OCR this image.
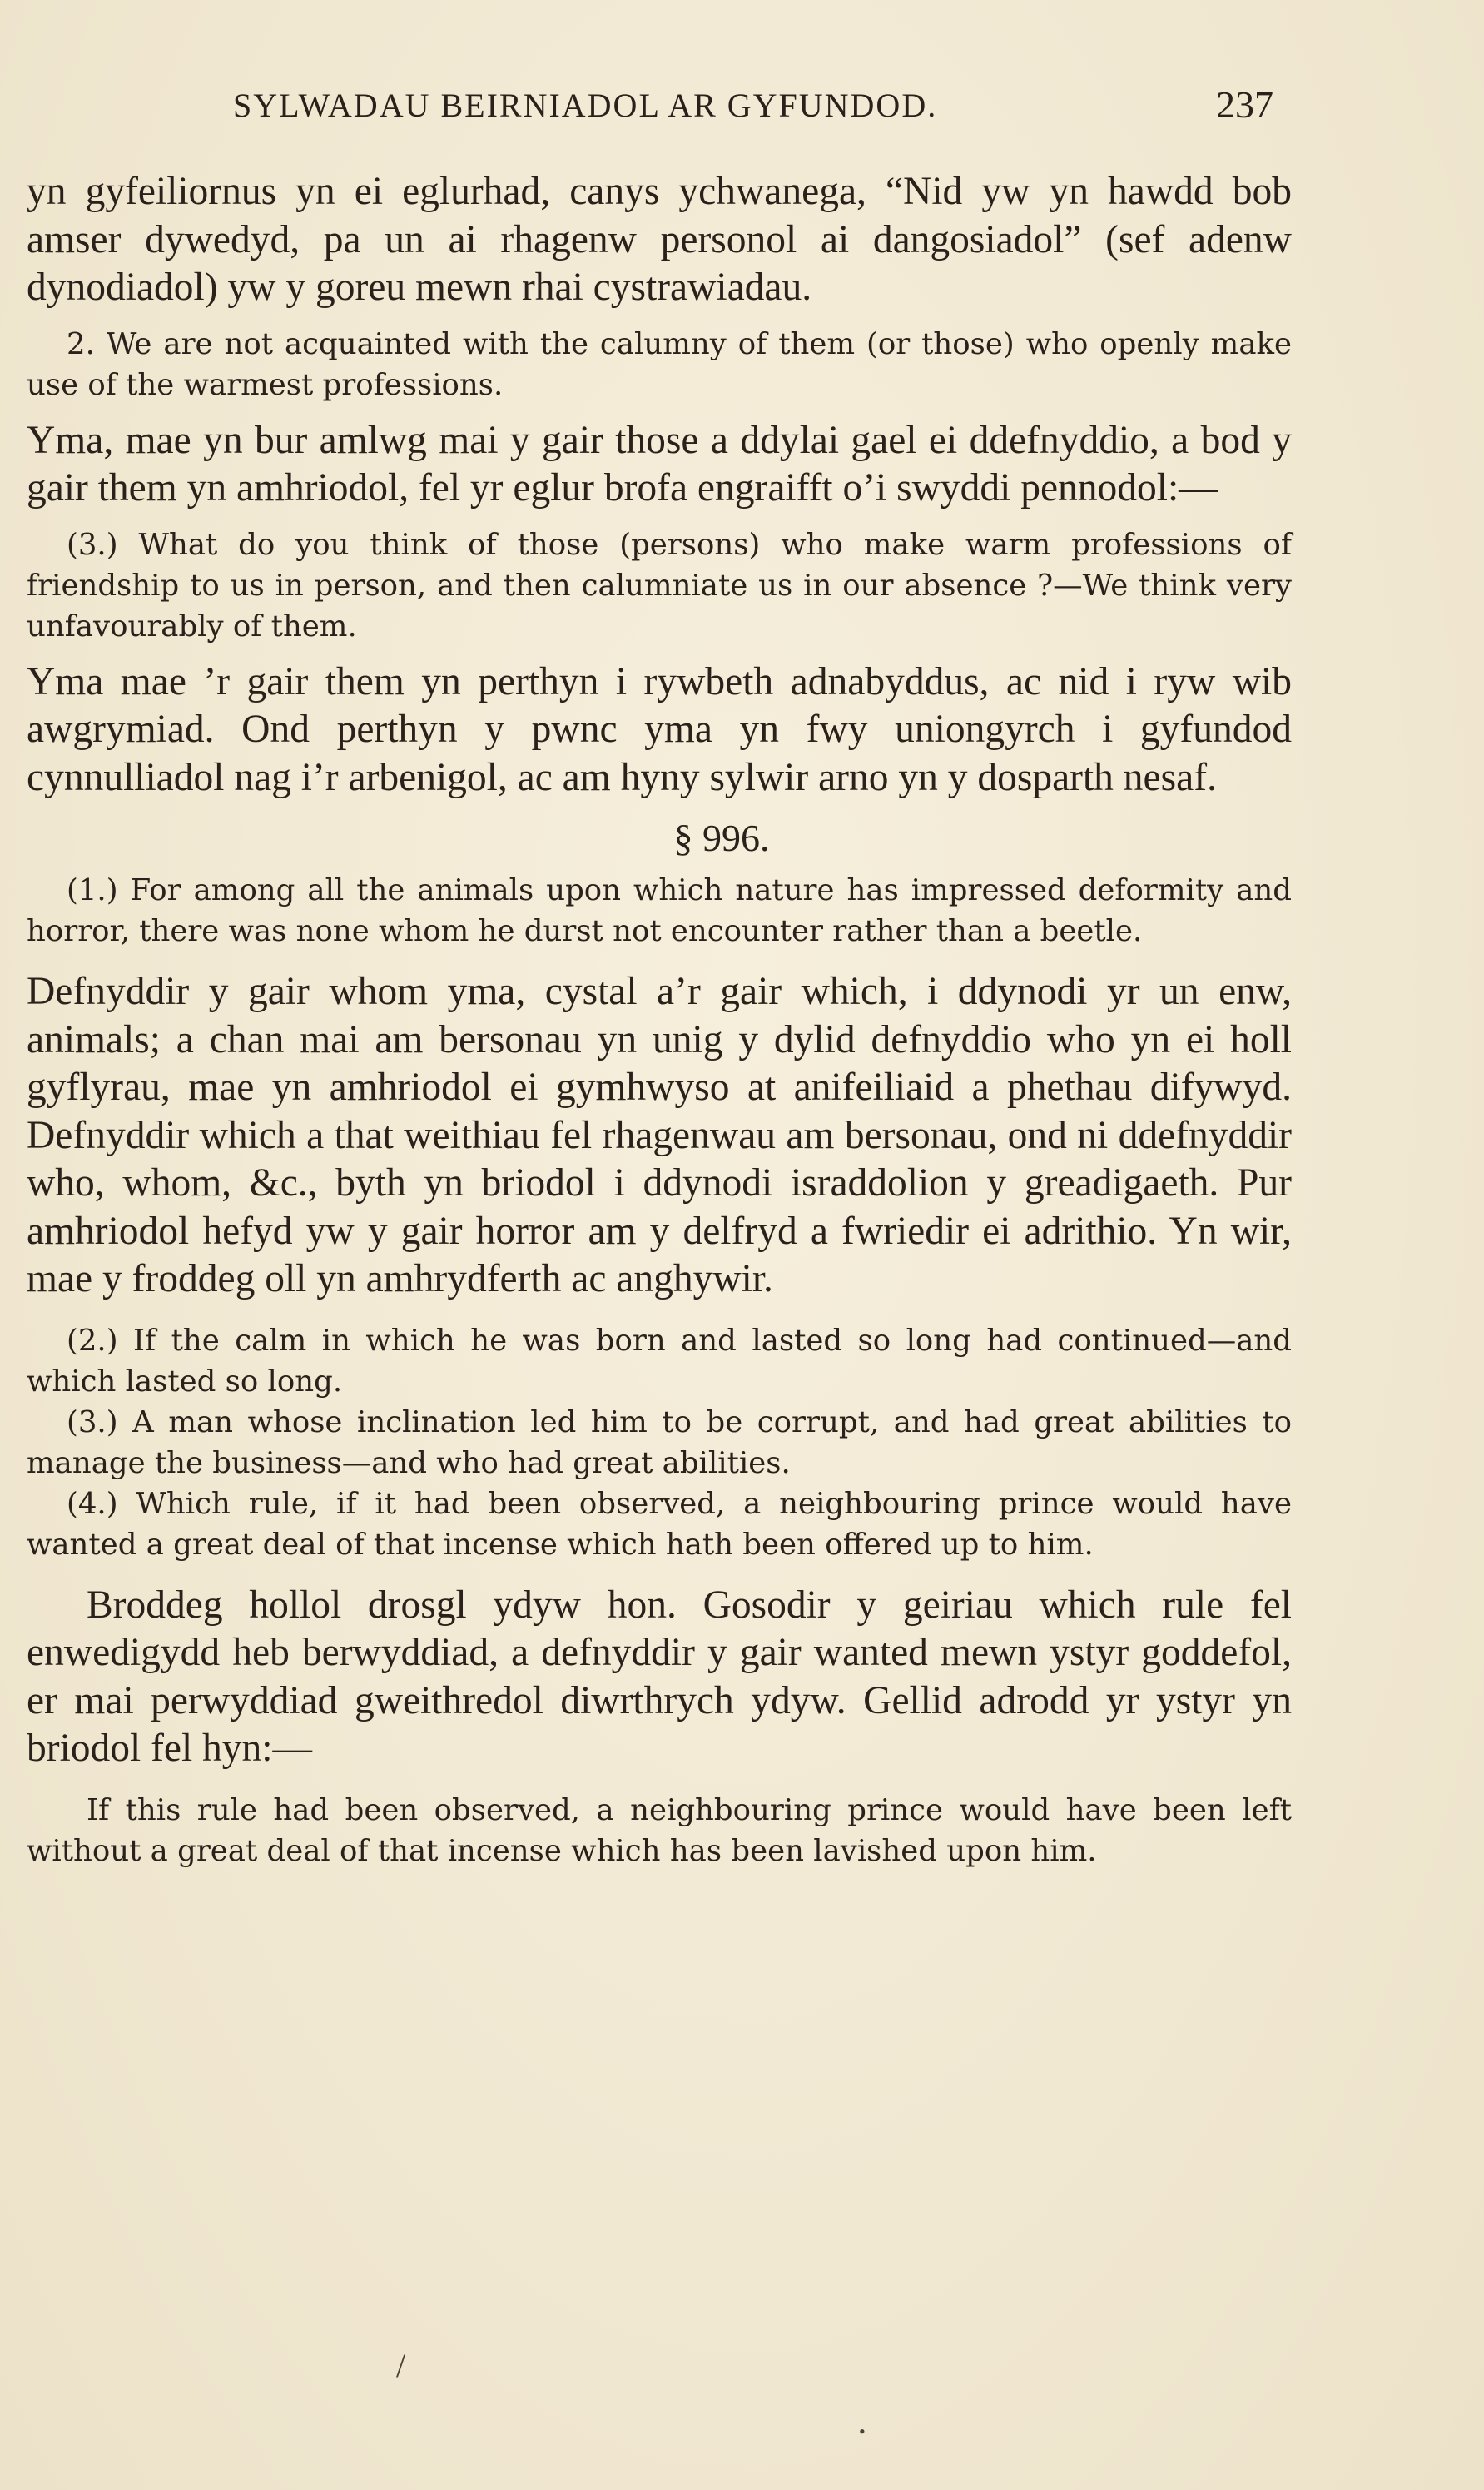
SYLWADAU BEIRNIADOL AR GYFUNDOD.	237

yn gyfeiliornus yn ei eglurhad, canys ychwanega, “Nid yw yn hawdd bob amser dywedyd, pa un ai rhagenw personol ai dangosiadol” (sef adenw dynodiadol) yw y goreu mewn rhai cystrawiadau.

2. We are not acquainted with the calumny of them (or those) who openly make use of the warmest professions.

Yma, mae yn bur amlwg mai y gair those a ddylai gael ei ddefnyddio, a bod y gair them yn amhriodol, fel yr eglur brofa engraifft o’i swyddi pennodol:—

(3.) What do you think of those (persons) who make warm professions of friendship to us in person, and then calumniate us in our absence ?—We think very unfavourably of them.

Yma mae ’r gair them yn perthyn i rywbeth adnabyddus, ac nid i ryw wib awgrymiad. Ond perthyn y pwnc yma yn fwy uniongyrch i gyfundod cynnulliadol nag i’r arbenigol, ac am hyny sylwir arno yn y dosparth nesaf.

§ 996.

(1.) For among all the animals upon which nature has impressed deformity and horror, there was none whom he durst not encounter rather than a beetle.

Defnyddir y gair whom yma, cystal a’r gair which, i ddynodi yr un enw, animals; a chan mai am bersonau yn unig y dylid defnyddio who yn ei holl gyflyrau, mae yn amhriodol ei gymhwyso at anifeiliaid a phethau difywyd. Defnyddir which a that weithiau fel rhagenwau am bersonau, ond ni ddefnyddir who, whom, &c., byth yn briodol i ddynodi israddolion y greadigaeth. Pur amhriodol hefyd yw y gair horror am y delfryd a fwriedir ei adrithio. Yn wir, mae y froddeg oll yn amhrydferth ac anghywir.

(2.) If the calm in which he was born and lasted so long had continued—and which lasted so long.

(3.) A man whose inclination led him to be corrupt, and had great abilities to manage the business—and who had great abilities.

(4.) Which rule, if it had been observed, a neighbouring prince would have wanted a great deal of that incense which hath been offered up to him.

Broddeg hollol drosgl ydyw hon. Gosodir y geiriau which rule fel enwedigydd heb berwyddiad, a defnyddir y gair wanted mewn ystyr goddefol, er mai perwyddiad gweithredol diwrthrych ydyw. Gellid adrodd yr ystyr yn briodol fel hyn:—

If this rule had been observed, a neighbouring prince would have been left without a great deal of that incense which has been lavished upon him.

/
•
